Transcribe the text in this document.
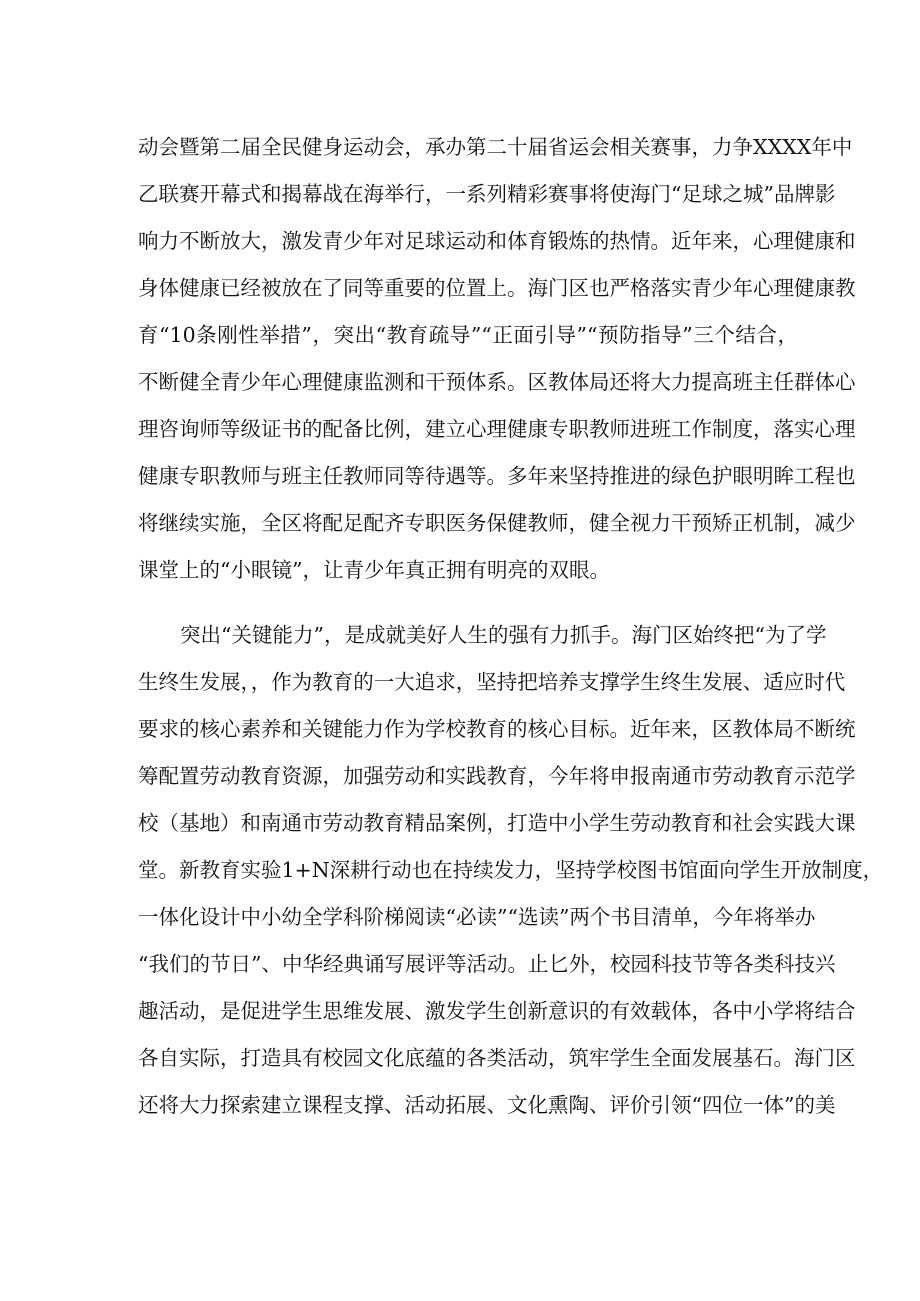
动会暨第二届全民健身运动会，承办第二十届省运会相关赛事，力争XXXX年中
乙联赛开幕式和揭幕战在海举行，一系列精彩赛事将使海门“足球之城”品牌影
响力不断放大，激发青少年对足球运动和体育锻炼的热情。近年来，心理健康和
身体健康已经被放在了同等重要的位置上。海门区也严格落实青少年心理健康教
育“10条刚性举措”，突出“教育疏导”“正面引导”“预防指导”三个结合，
不断健全青少年心理健康监测和干预体系。区教体局还将大力提高班主任群体心
理咨询师等级证书的配备比例，建立心理健康专职教师进班工作制度，落实心理
健康专职教师与班主任教师同等待遇等。多年来坚持推进的绿色护眼明眸工程也
将继续实施，全区将配足配齐专职医务保健教师，健全视力干预矫正机制，减少
课堂上的“小眼镜”，让青少年真正拥有明亮的双眼。
突出“关键能力”，是成就美好人生的强有力抓手。海门区始终把“为了学
生终生发展，，作为教育的一大追求，坚持把培养支撑学生终生发展、适应时代
要求的核心素养和关键能力作为学校教育的核心目标。近年来，区教体局不断统
筹配置劳动教育资源，加强劳动和实践教育，今年将申报南通市劳动教育示范学
校（基地）和南通市劳动教育精品案例，打造中小学生劳动教育和社会实践大课
堂。新教育实验1+N深耕行动也在持续发力，坚持学校图书馆面向学生开放制度，
一体化设计中小幼全学科阶梯阅读“必读”“选读”两个书目清单，今年将举办
“我们的节日”、中华经典诵写展评等活动。止匕外，校园科技节等各类科技兴
趣活动，是促进学生思维发展、激发学生创新意识的有效载体，各中小学将结合
各自实际，打造具有校园文化底蕴的各类活动，筑牢学生全面发展基石。海门区
还将大力探索建立课程支撑、活动拓展、文化熏陶、评价引领“四位一体”的美
